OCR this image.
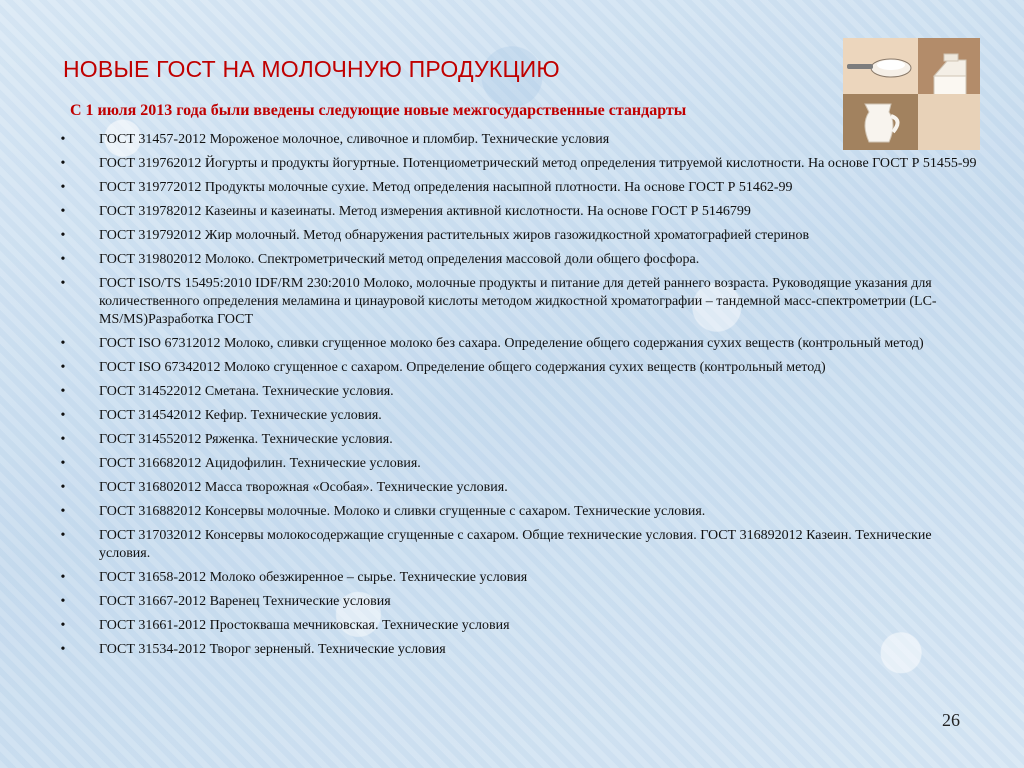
НОВЫЕ ГОСТ НА МОЛОЧНУЮ ПРОДУКЦИЮ

С 1 июля 2013 года были введены следующие новые межгосударственные стандарты

• ГОСТ 31457-2012 Мороженое молочное, сливочное и пломбир. Технические условия
• ГОСТ 319762012 Йогурты и продукты йогуртные. Потенциометрический метод определения титруемой кислотности. На основе ГОСТ Р 51455-99
• ГОСТ 319772012 Продукты молочные сухие. Метод определения насыпной плотности. На основе ГОСТ Р 51462-99
• ГОСТ 319782012 Казеины и казеинаты. Метод измерения активной кислотности. На основе ГОСТ Р 5146799
• ГОСТ 319792012 Жир молочный. Метод обнаружения растительных жиров газожидкостной хроматографией стеринов
• ГОСТ 319802012 Молоко. Спектрометрический метод определения массовой доли общего фосфора.
• ГОСТ ISO/TS 15495:2010 IDF/RM 230:2010 Молоко, молочные продукты и питание для детей раннего возраста. Руководящие указания для количественного определения меламина и цинауровой кислоты методом жидкостной хроматографии – тандемной масс-спектрометрии (LC-MS/MS)Разработка ГОСТ
• ГОСТ ISO 67312012 Молоко, сливки сгущенное молоко без сахара. Определение общего содержания сухих веществ (контрольный метод)
• ГОСТ ISO 67342012 Молоко сгущенное с сахаром. Определение общего содержания сухих веществ (контрольный метод)
• ГОСТ 314522012 Сметана. Технические условия.
• ГОСТ 314542012 Кефир. Технические условия.
• ГОСТ 314552012 Ряженка. Технические условия.
• ГОСТ 316682012 Ацидофилин. Технические условия.
• ГОСТ 316802012 Масса творожная «Особая». Технические условия.
• ГОСТ 316882012 Консервы молочные. Молоко и сливки сгущенные с сахаром. Технические условия.
• ГОСТ 317032012 Консервы молокосодержащие сгущенные с сахаром. Общие технические условия. ГОСТ 316892012 Казеин. Технические условия.
• ГОСТ 31658-2012 Молоко обезжиренное – сырье. Технические условия
• ГОСТ 31667-2012 Варенец Технические условия
• ГОСТ 31661-2012 Простокваша мечниковская. Технические условия
• ГОСТ 31534-2012 Творог зерненый. Технические условия
26
